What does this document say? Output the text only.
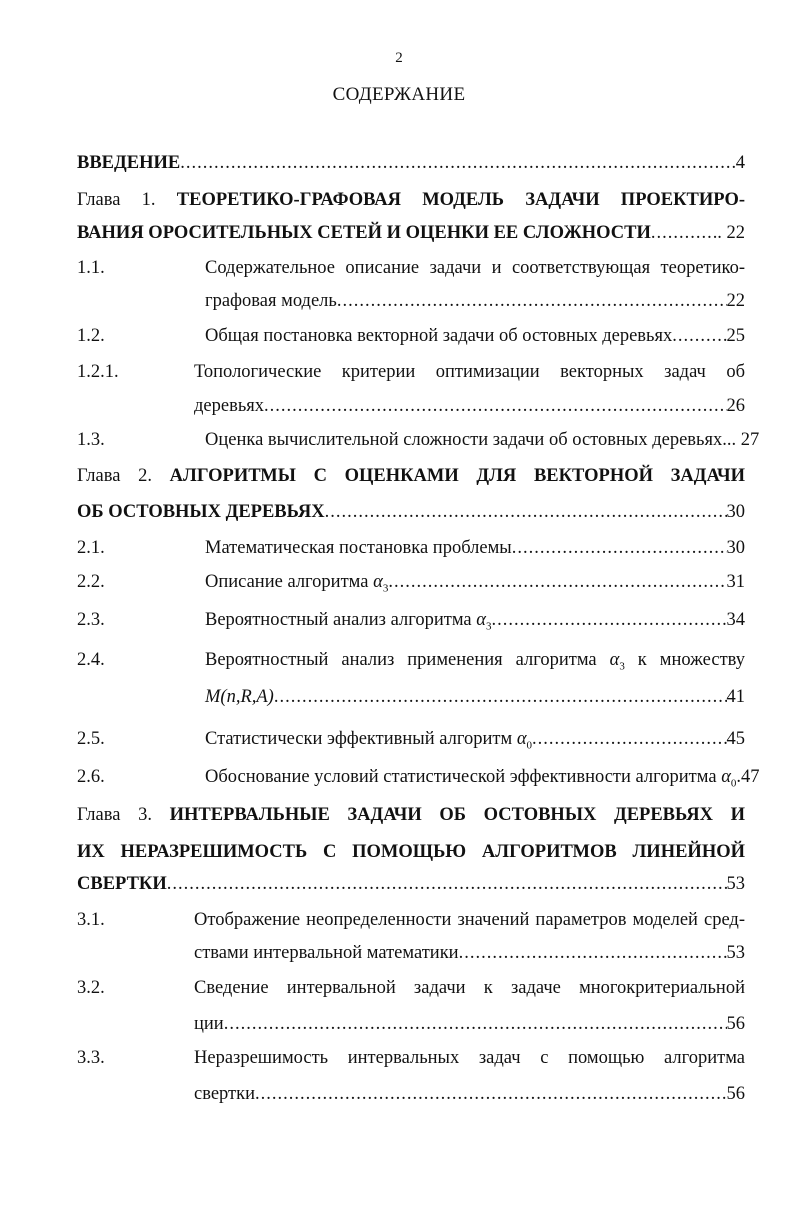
2
СОДЕРЖАНИЕ
ВВЕДЕНИЕ .....	4
Глава 1. ТЕОРЕТИКО-ГРАФОВАЯ МОДЕЛЬ ЗАДАЧИ ПРОЕКТИРО-
ВАНИЯ ОРОСИТЕЛЬНЫХ СЕТЕЙ И ОЦЕНКИ ЕЕ СЛОЖНОСТИ .....	. 22
1.1.	Содержательное описание задачи и соответствующая теоретико-
графовая модель .....	22
1.2.	Общая постановка векторной задачи об остовных деревьях .....	25
1.2.1.	Топологические критерии оптимизации векторных задач об
деревьях .....	26
1.3.	Оценка вычислительной сложности задачи об остовных деревьях ... 27
Глава 2. АЛГОРИТМЫ С ОЦЕНКАМИ ДЛЯ ВЕКТОРНОЙ ЗАДАЧИ
ОБ ОСТОВНЫХ ДЕРЕВЬЯХ .....	30
2.1.	Математическая постановка проблемы .....	30
2.2.	Описание алгоритма $\alpha_3$ .....	31
2.3.	Вероятностный анализ алгоритма $\alpha_3$ .....	34
2.4.	Вероятностный анализ применения алгоритма $\alpha_3$ к множеству
M(n,R,A) .....	41
2.5.	Статистически эффективный алгоритм $\alpha_0$ .....	45
2.6.	Обоснование условий статистической эффективности алгоритма $\alpha_0$ .47
Глава 3. ИНТЕРВАЛЬНЫЕ ЗАДАЧИ ОБ ОСТОВНЫХ ДЕРЕВЬЯХ И
ИХ НЕРАЗРЕШИМОСТЬ С ПОМОЩЬЮ АЛГОРИТМОВ ЛИНЕЙНОЙ
СВЕРТКИ .....	53
3.1.	Отображение неопределенности значений параметров моделей сред-
ствами интервальной математики .....	53
3.2.	Сведение интервальной задачи к задаче многокритериальной
ции .....	56
3.3.	Неразрешимость интервальных задач с помощью алгоритма
свертки .....	56
